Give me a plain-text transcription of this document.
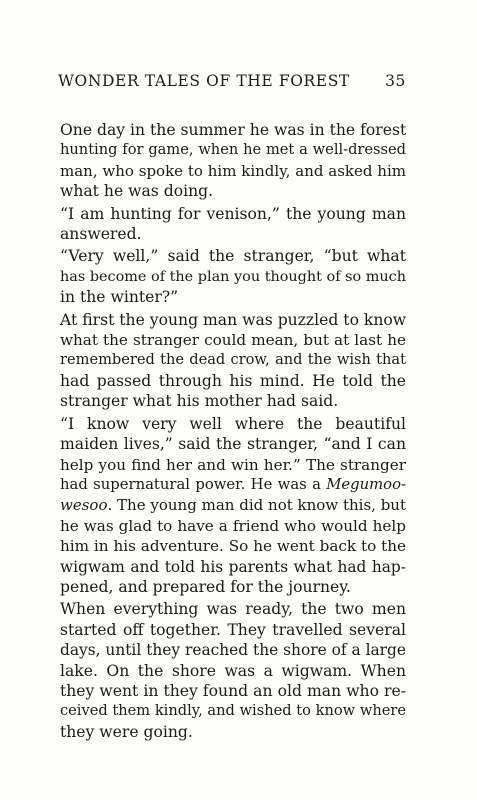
WONDER TALES OF THE FOREST 35
One day in the summer he was in the forest
hunting for game, when he met a well-dressed
man, who spoke to him kindly, and asked him
what he was doing.
“I am hunting for venison,” the young man
answered.
“Very well,” said the stranger, “but what
has become of the plan you thought of so much
in the winter?”
At first the young man was puzzled to know
what the stranger could mean, but at last he
remembered the dead crow, and the wish that
had passed through his mind. He told the
stranger what his mother had said.
“I know very well where the beautiful
maiden lives,” said the stranger, “and I can
help you find her and win her.” The stranger
had supernatural power. He was a Megumoo-
wesoo. The young man did not know this, but
he was glad to have a friend who would help
him in his adventure. So he went back to the
wigwam and told his parents what had hap-
pened, and prepared for the journey.
When everything was ready, the two men
started off together. They travelled several
days, until they reached the shore of a large
lake. On the shore was a wigwam. When
they went in they found an old man who re-
ceived them kindly, and wished to know where
they were going.
